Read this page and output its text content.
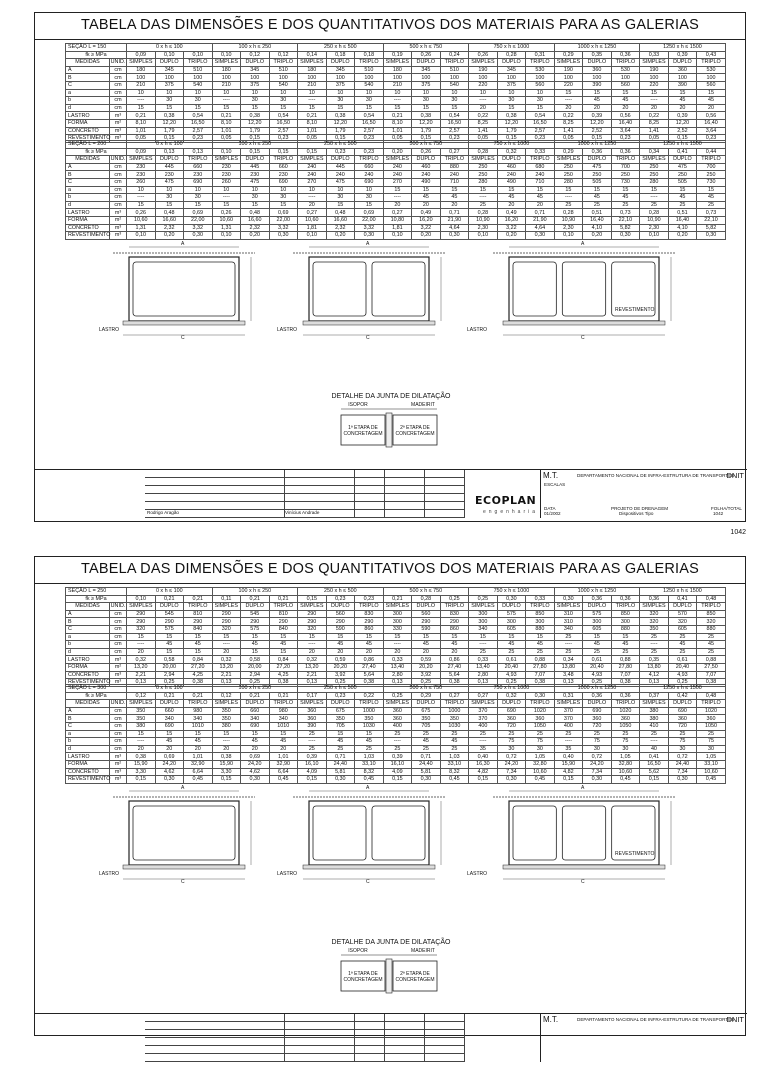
TABELA DAS DIMENSÕES E DOS QUANTITATIVOS DOS MATERIAIS PARA AS GALERIAS
SEÇÃO L = 150		0 x h ≤ 100			100 x h ≤ 250			250 x h ≤ 500			500 x h ≤ 750			750 x h ≤ 1000			1000 x h ≤ 1250			1250 x h ≤ 1500		
fk ≥ MPa		0,09	0,10	0,10	0,10	0,12	0,12	0,14	0,18	0,18	0,19	0,26	0,24	0,26	0,28	0,31	0,29	0,35	0,36	0,33	0,39	0,43
MEDIDAS	UNID.	SIMPLES	DUPLO	TRIPLO	SIMPLES	DUPLO	TRIPLO	SIMPLES	DUPLO	TRIPLO	SIMPLES	DUPLO	TRIPLO	SIMPLES	DUPLO	TRIPLO	SIMPLES	DUPLO	TRIPLO	SIMPLES	DUPLO	TRIPLO
A	cm	180	345	510	180	345	510	180	345	510	180	345	510	190	345	530	190	360	530	190	360	530
B	cm	100	100	100	100	100	100	100	100	100	100	100	100	100	100	100	100	100	100	100	100	100
C	cm	210	375	540	210	375	540	210	375	540	210	375	540	220	375	560	220	390	560	220	390	560
a	cm	10	10	10	10	10	10	10	10	10	10	10	10	10	10	10	15	15	15	15	15	15
b	cm	----	30	30	----	30	30	----	30	30	----	30	30	----	30	30	----	45	45	----	45	45
d	cm	15	15	15	15	15	15	15	15	15	15	15	15	20	15	15	20	20	20	20	20	20
LASTRO	m³	0,21	0,38	0,54	0,21	0,38	0,54	0,21	0,38	0,54	0,21	0,38	0,54	0,22	0,38	0,54	0,22	0,39	0,56	0,22	0,39	0,56
FORMA	m²	8,10	12,20	16,50	8,10	12,20	16,50	8,10	12,20	16,50	8,10	12,20	16,50	8,25	12,20	16,50	8,25	12,20	16,40	8,25	12,20	16,40
CONCRETO	m³	1,01	1,79	2,57	1,01	1,79	2,57	1,01	1,79	2,57	1,01	1,79	2,57	1,41	1,79	2,57	1,41	2,52	3,64	1,41	2,52	3,64
REVESTIMENTO	m³	0,05	0,15	0,23	0,05	0,15	0,23	0,05	0,15	0,23	0,05	0,15	0,23	0,05	0,15	0,23	0,05	0,15	0,23	0,05	0,15	0,23
SEÇÃO L = 200		0 x h ≤ 100			100 x h ≤ 250			250 x h ≤ 500			500 x h ≤ 750			750 x h ≤ 1000			1000 x h ≤ 1250			1250 x h ≤ 1500		
fk ≥ MPa		0,09	0,13	0,13	0,10	0,15	0,15	0,15	0,23	0,23	0,20	0,26	0,27	0,28	0,32	0,33	0,29	0,36	0,36	0,34	0,41	0,44
MEDIDAS	UNID.	SIMPLES	DUPLO	TRIPLO	SIMPLES	DUPLO	TRIPLO	SIMPLES	DUPLO	TRIPLO	SIMPLES	DUPLO	TRIPLO	SIMPLES	DUPLO	TRIPLO	SIMPLES	DUPLO	TRIPLO	SIMPLES	DUPLO	TRIPLO
A	cm	230	445	660	230	445	660	240	445	660	240	460	880	250	460	680	250	475	700	250	475	700
B	cm	230	230	230	230	230	230	240	240	240	240	240	240	250	240	240	250	250	250	250	250	250
C	cm	260	475	690	260	475	690	270	475	690	270	490	710	280	490	710	280	505	730	280	505	730
a	cm	10	10	10	10	10	10	10	10	10	15	15	15	15	15	15	15	15	15	15	15	15
b	cm	----	30	30	----	30	30	----	30	30	----	45	45	----	45	45	----	45	45	----	45	45
d	cm	15	15	15	15	15	15	20	15	15	20	20	20	25	20	20	25	25	25	25	25	25
LASTRO	m³	0,26	0,48	0,69	0,26	0,48	0,69	0,27	0,48	0,69	0,27	0,49	0,71	0,28	0,49	0,71	0,28	0,51	0,73	0,28	0,51	0,73
FORMA	m²	10,60	16,60	22,00	10,60	16,60	22,00	10,60	16,60	22,00	10,80	16,20	21,90	10,90	16,20	21,90	10,90	16,40	22,10	10,90	16,40	22,10
CONCRETO	m³	1,31	2,32	3,32	1,31	2,32	3,32	1,81	2,32	3,32	1,81	3,22	4,64	2,30	3,22	4,64	2,30	4,10	5,82	2,30	4,10	5,82
REVESTIMENTO	m³	0,10	0,20	0,30	0,10	0,20	0,30	0,10	0,20	0,30	0,10	0,20	0,30	0,10	0,20	0,30	0,10	0,20	0,30	0,10	0,20	0,30
LASTRO	LASTRO	LASTRO
REVESTIMENTO
A	A	A
C	C	C
DETALHE DA JUNTA DE DILATAÇÃO
ISOPOR	MADEIRIT
1ª ETAPA DE CONCRETAGEM
2ª ETAPA DE CONCRETAGEM
ECOPLAN
engenharia
Rodrigo Aragão	Vinícius Andrade
M.T.	DEPARTAMENTO NACIONAL DE INFRA-ESTRUTURA DE TRANSPORTES
DNIT
ESCALAS
PROJETO DE DRENAGEM
Dispositivos Tipo
DATA
01/2002
FOLHA/TOTAL
1042
1042
TABELA DAS DIMENSÕES E DOS QUANTITATIVOS DOS MATERIAIS PARA AS GALERIAS
SEÇÃO L = 250		0 x h ≤ 100			100 x h ≤ 250			250 x h ≤ 500			500 x h ≤ 750			750 x h ≤ 1000			1000 x h ≤ 1250			1250 x h ≤ 1500		
fk ≥ MPa		0,10	0,21	0,21	0,11	0,21	0,21	0,15	0,23	0,23	0,21	0,28	0,25	0,25	0,30	0,33	0,30	0,36	0,36	0,36	0,41	0,48
MEDIDAS	UNID.	SIMPLES	DUPLO	TRIPLO	SIMPLES	DUPLO	TRIPLO	SIMPLES	DUPLO	TRIPLO	SIMPLES	DUPLO	TRIPLO	SIMPLES	DUPLO	TRIPLO	SIMPLES	DUPLO	TRIPLO	SIMPLES	DUPLO	TRIPLO
A	cm	290	545	810	290	545	810	290	560	830	300	560	830	300	575	850	310	575	850	320	570	850
B	cm	290	290	290	290	290	290	290	290	290	300	290	290	300	300	300	310	300	300	320	320	320
C	cm	320	575	840	320	575	840	320	590	860	330	590	860	340	605	880	340	605	880	350	605	880
a	cm	15	15	15	15	15	15	15	15	15	15	15	15	15	15	15	25	15	15	25	25	25
b	cm	----	45	45	----	45	45	----	45	45	----	45	45	----	45	45	----	45	45	----	45	45
d	cm	20	15	15	20	15	15	20	20	20	20	20	20	25	25	25	25	25	25	25	25	25
LASTRO	m³	0,32	0,58	0,84	0,32	0,58	0,84	0,32	0,59	0,86	0,33	0,59	0,86	0,33	0,61	0,88	0,34	0,61	0,88	0,35	0,61	0,88
FORMA	m²	13,20	20,00	27,20	13,20	20,00	27,20	13,20	20,20	27,40	13,40	20,20	27,40	13,40	20,40	27,80	13,80	20,40	27,80	13,80	20,40	27,50
CONCRETO	m³	2,21	2,94	4,25	2,21	2,94	4,25	2,21	3,92	5,64	2,80	3,92	5,64	2,80	4,93	7,07	3,48	4,93	7,07	4,12	4,93	7,07
REVESTIMENTO	m³	0,13	0,25	0,38	0,13	0,25	0,38	0,13	0,25	0,38	0,13	0,25	0,38	0,13	0,25	0,38	0,13	0,25	0,38	0,13	0,25	0,38
SEÇÃO L = 300		0 x h ≤ 100			100 x h ≤ 250			250 x h ≤ 500			500 x h ≤ 750			750 x h ≤ 1000			1000 x h ≤ 1250			1250 x h ≤ 1500		
fk ≥ MPa		0,12	0,21	0,21	0,12	0,21	0,21	0,17	0,23	0,22	0,25	0,29	0,27	0,27	0,32	0,30	0,31	0,36	0,36	0,37	0,42	0,48
MEDIDAS	UNID.	SIMPLES	DUPLO	TRIPLO	SIMPLES	DUPLO	TRIPLO	SIMPLES	DUPLO	TRIPLO	SIMPLES	DUPLO	TRIPLO	SIMPLES	DUPLO	TRIPLO	SIMPLES	DUPLO	TRIPLO	SIMPLES	DUPLO	TRIPLO
A	cm	350	660	980	350	660	980	360	675	1000	360	675	1000	370	690	1020	370	690	1020	380	690	1020
B	cm	350	340	340	350	340	340	360	350	350	360	350	350	370	360	360	370	360	360	380	360	360
C	cm	380	690	1010	380	690	1010	390	705	1030	400	705	1030	400	720	1050	400	720	1050	410	720	1050
a	cm	15	15	15	15	15	15	25	15	15	25	25	25	25	25	25	25	25	25	25	25	25
b	cm	----	45	45	----	45	45	----	45	45	----	45	45	----	75	75	----	75	75	----	75	75
d	cm	20	20	20	20	20	20	25	25	25	25	25	25	35	30	30	35	30	30	40	30	30
LASTRO	m³	0,38	0,69	1,01	0,38	0,69	1,01	0,39	0,71	1,03	0,39	0,71	1,03	0,40	0,72	1,05	0,40	0,72	1,05	0,41	0,72	1,05
FORMA	m²	15,90	24,20	32,90	15,90	24,20	32,90	16,10	24,40	33,10	16,10	24,40	33,10	16,30	24,20	32,80	15,90	24,20	32,80	16,50	24,40	33,10
CONCRETO	m³	3,30	4,62	6,64	3,30	4,62	6,64	4,09	5,81	8,32	4,09	5,81	8,32	4,82	7,34	10,60	4,82	7,34	10,60	5,62	7,34	10,60
REVESTIMENTO	m³	0,15	0,30	0,45	0,15	0,30	0,45	0,15	0,30	0,45	0,15	0,30	0,45	0,15	0,30	0,45	0,15	0,30	0,45	0,15	0,30	0,45
LASTRO	LASTRO	LASTRO
REVESTIMENTO
A	A	A
C	C	C
DETALHE DA JUNTA DE DILATAÇÃO
ISOPOR	MADEIRIT
1ª ETAPA DE CONCRETAGEM
2ª ETAPA DE CONCRETAGEM
M.T.	DEPARTAMENTO NACIONAL DE INFRA-ESTRUTURA DE TRANSPORTES
DNIT
